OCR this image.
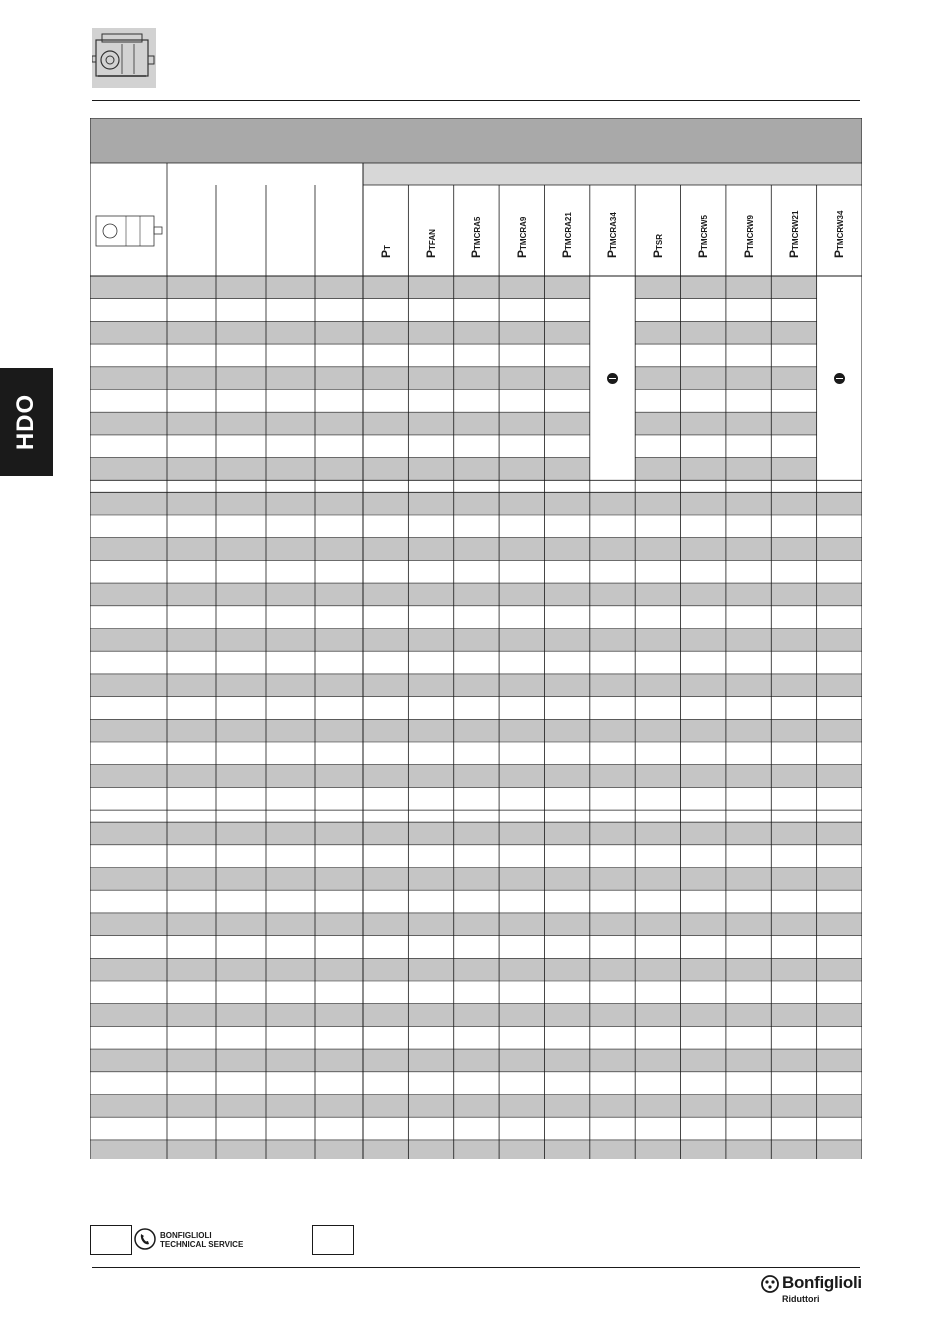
HDO
PT
PTFAN
PTMCRA5
PTMCRA9
PTMCRA21
PTMCRA34
PTSR
PTMCRW5
PTMCRW9
PTMCRW21
PTMCRW34
BONFIGLIOLI
TECHNICAL SERVICE
Bonfiglioli
Riduttori
